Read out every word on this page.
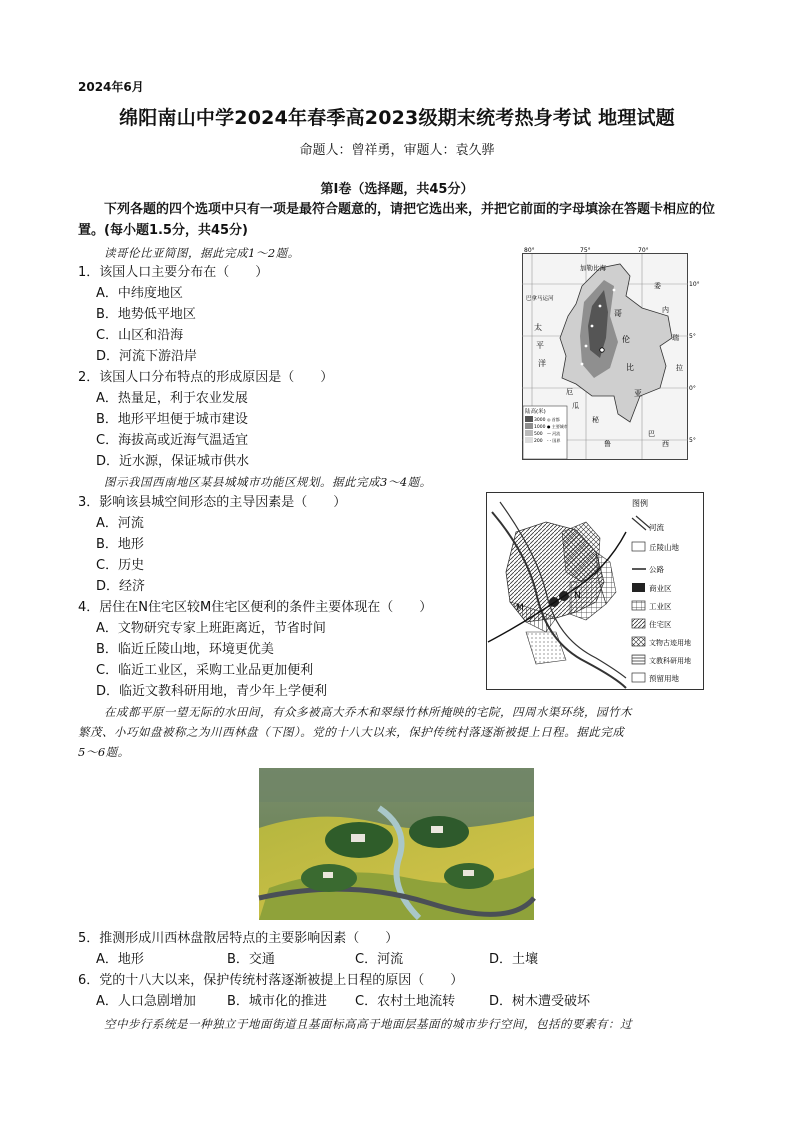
2024年6月
绵阳南山中学2024年春季高2023级期末统考热身考试 地理试题
命题人：曾祥勇，审题人：袁久骅
第Ⅰ卷（选择题，共45分）
下列各题的四个选项中只有一项是最符合题意的，请把它选出来，并把它前面的字母填涂在答题卡相应的位置。(每小题1.5分，共45分)
读哥伦比亚简图，据此完成1～2题。
1．该国人口主要分布在（　　）
A．中纬度地区
B．地势低平地区
C．山区和沿海
D．河流下游沿岸
2．该国人口分布特点的形成原因是（　　）
A．热量足，利于农业发展
B．地形平坦便于城市建设
C．海拔高或近海气温适宜
D．近水源，保证城市供水
图示我国西南地区某县城城市功能区规划。据此完成3～4题。
3．影响该县城空间形态的主导因素是（　　）
A．河流
B．地形
C．历史
D．经济
4．居住在N住宅区较M住宅区便利的条件主要体现在（　　）
A．文物研究专家上班距离近，节省时间
B．临近丘陵山地，环境更优美
C．临近工业区，采购工业品更加便利
D．临近文教科研用地，青少年上学便利
在成都平原一望无际的水田间，有众多被高大乔木和翠绿竹林所掩映的宅院，四周水渠环绕，园竹木
繁茂、小巧如盘被称之为川西林盘（下图）。党的十八大以来，保护传统村落逐渐被提上日程。据此完成
5～6题。
5．推测形成川西林盘散居特点的主要影响因素（　　）
A．地形	B．交通	C．河流	D．土壤
6．党的十八大以来，保护传统村落逐渐被提上日程的原因（　　）
A．人口急剧增加 B．城市化的推进 C．农村土地流转	D．树木遭受破坏
空中步行系统是一种独立于地面街道且基面标高高于地面层基面的城市步行空间，包括的要素有：过
80°	75°	70°
10°
5°
0°
5°
加勒比海
巴拿马运河
太
平
洋
委
内
瑞
拉
哥
伦
比
亚
厄
瓜
秘
鲁
巴
西
陆高(米)
3000
1000
500
200
◎ 首都
● 主要城市
— 河流
- - 国界
M
N
图例
河流
丘陵山地
公路
商业区
工业区
住宅区
文物古迹用地
文教科研用地
预留用地
